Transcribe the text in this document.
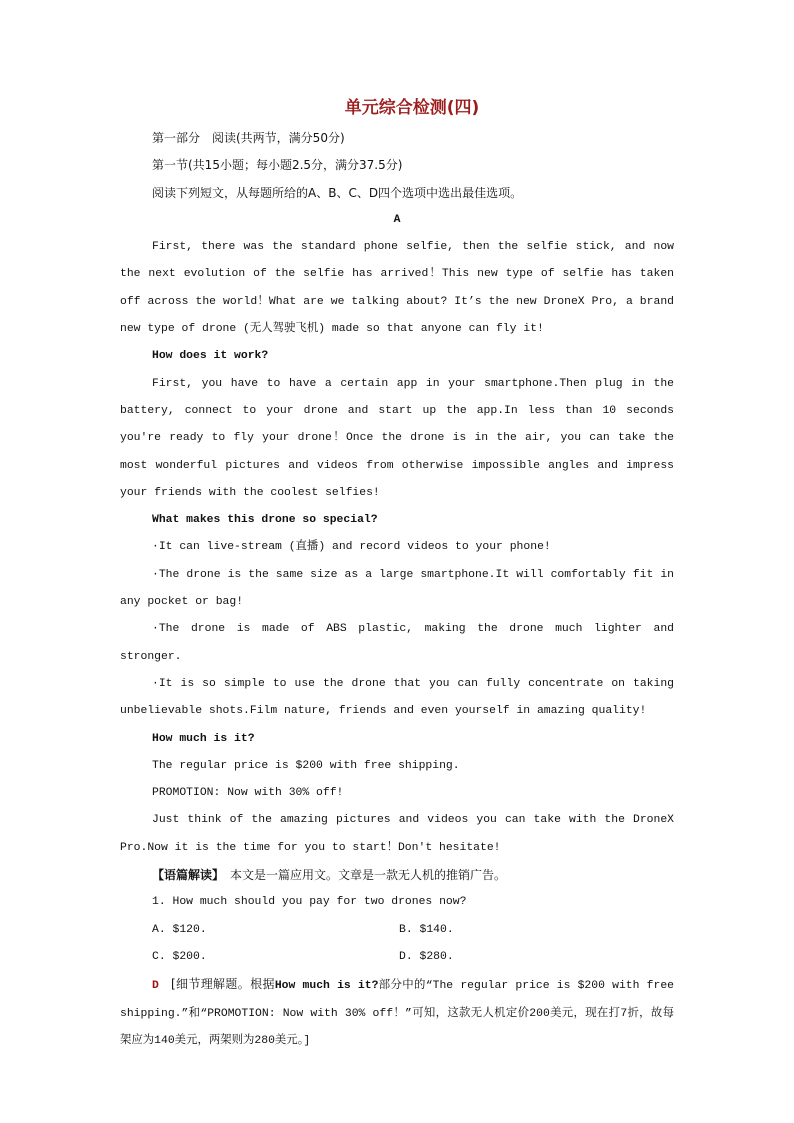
单元综合检测(四)

第一部分　阅读(共两节，满分50分)

第一节(共15小题；每小题2.5分，满分37.5分)

阅读下列短文，从每题所给的A、B、C、D四个选项中选出最佳选项。

A

First, there was the standard phone selfie, then the selfie stick, and now the next evolution of the selfie has arrived！This new type of selfie has taken off across the world！What are we talking about? It’s the new DroneX Pro, a brand new type of drone (无人驾驶飞机) made so that anyone can fly it!

How does it work?

First, you have to have a certain app in your smartphone.Then plug in the battery, connect to your drone and start up the app.In less than 10 seconds you're ready to fly your drone！Once the drone is in the air, you can take the most wonderful pictures and videos from otherwise impossible angles and impress your friends with the coolest selfies!

What makes this drone so special?

·It can live-stream (直播) and record videos to your phone!

·The drone is the same size as a large smartphone.It will comfortably fit in any pocket or bag!

·The drone is made of ABS plastic, making the drone much lighter and stronger.

·It is so simple to use the drone that you can fully concentrate on taking unbelievable shots.Film nature, friends and even yourself in amazing quality!

How much is it?

The regular price is $200 with free shipping.

PROMOTION: Now with 30% off!

Just think of the amazing pictures and videos you can take with the DroneX Pro.Now it is the time for you to start！Don't hesitate!

【语篇解读】　 本文是一篇应用文。文章是一款无人机的推销广告。

1. How much should you pay for two drones now?

A. $120.	B. $140.
C. $200.	D. $280.

D　 [细节理解题。根据How much is it?部分中的“The regular price is $200 with free shipping.”和“PROMOTION: Now with 30% off！”可知，这款无人机定价200美元，现在打7折，故每架应为140美元，两架则为280美元。]
